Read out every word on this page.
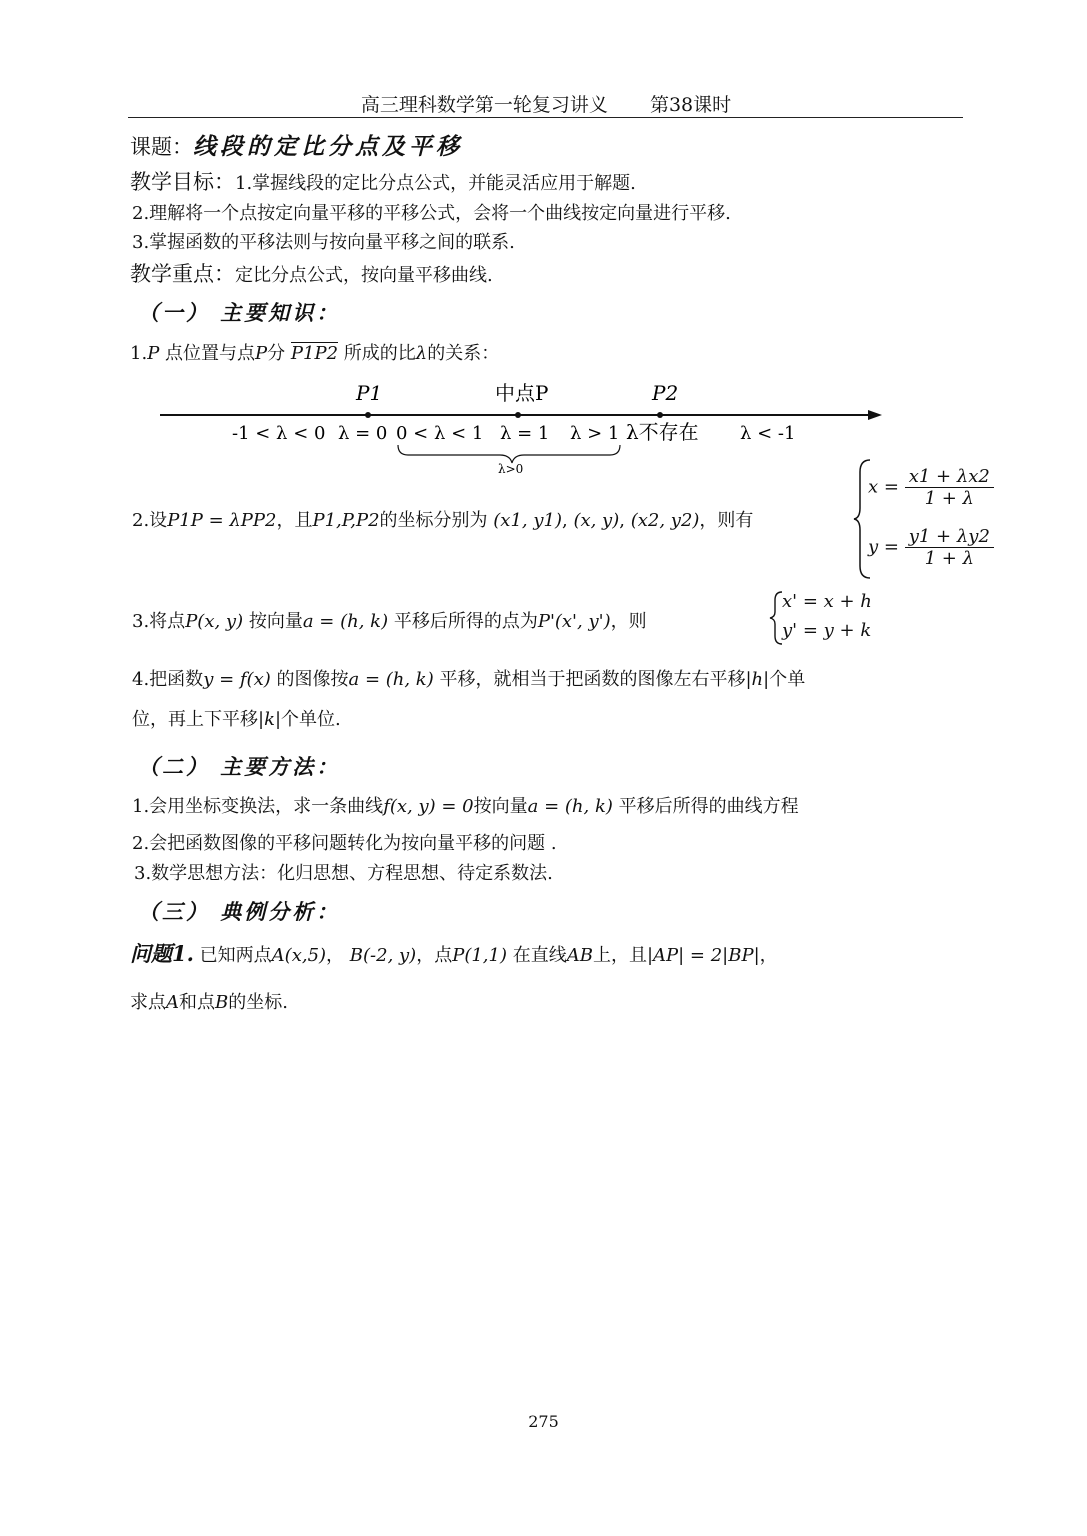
高三理科数学第一轮复习讲义 第38课时
课题：线段的定比分点及平移
教学目标：1.掌握线段的定比分点公式，并能灵活应用于解题.
2.理解将一个点按定向量平移的平移公式，会将一个曲线按定向量进行平移.
3.掌握函数的平移法则与按向量平移之间的联系.
教学重点：定比分点公式，按向量平移曲线.
（一） 主要知识：
1.P 点位置与点P分 P1P2 所成的比λ的关系：
P1	中点P	P2
-1 < λ < 0 λ = 0 0 < λ < 1 λ = 1 λ > 1 λ不存在 λ < -1
λ>0
2.设P1P = λPP2，且P1,P,P2的坐标分别为 (x1, y1), (x, y), (x2, y2)，则有
$x = \frac{x1 + \lambda x2}{1 + \lambda}$
$y = \frac{y1 + \lambda y2}{1 + \lambda}$
3.将点P(x, y) 按向量a = (h, k) 平移后所得的点为P'(x', y')，则
x' = x + h
y' = y + k
4.把函数y = f(x) 的图像按a = (h, k) 平移，就相当于把函数的图像左右平移|h|个单
位，再上下平移|k|个单位.
（二） 主要方法：
1.会用坐标变换法，求一条曲线f(x, y) = 0按向量a = (h, k) 平移后所得的曲线方程
2.会把函数图像的平移问题转化为按向量平移的问题 .
3.数学思想方法：化归思想、方程思想、待定系数法.
（三） 典例分析：
问题1. 已知两点A(x,5)， B(-2, y)，点P(1,1) 在直线AB上，且|AP| = 2|BP|，
求点A和点B的坐标.
275
